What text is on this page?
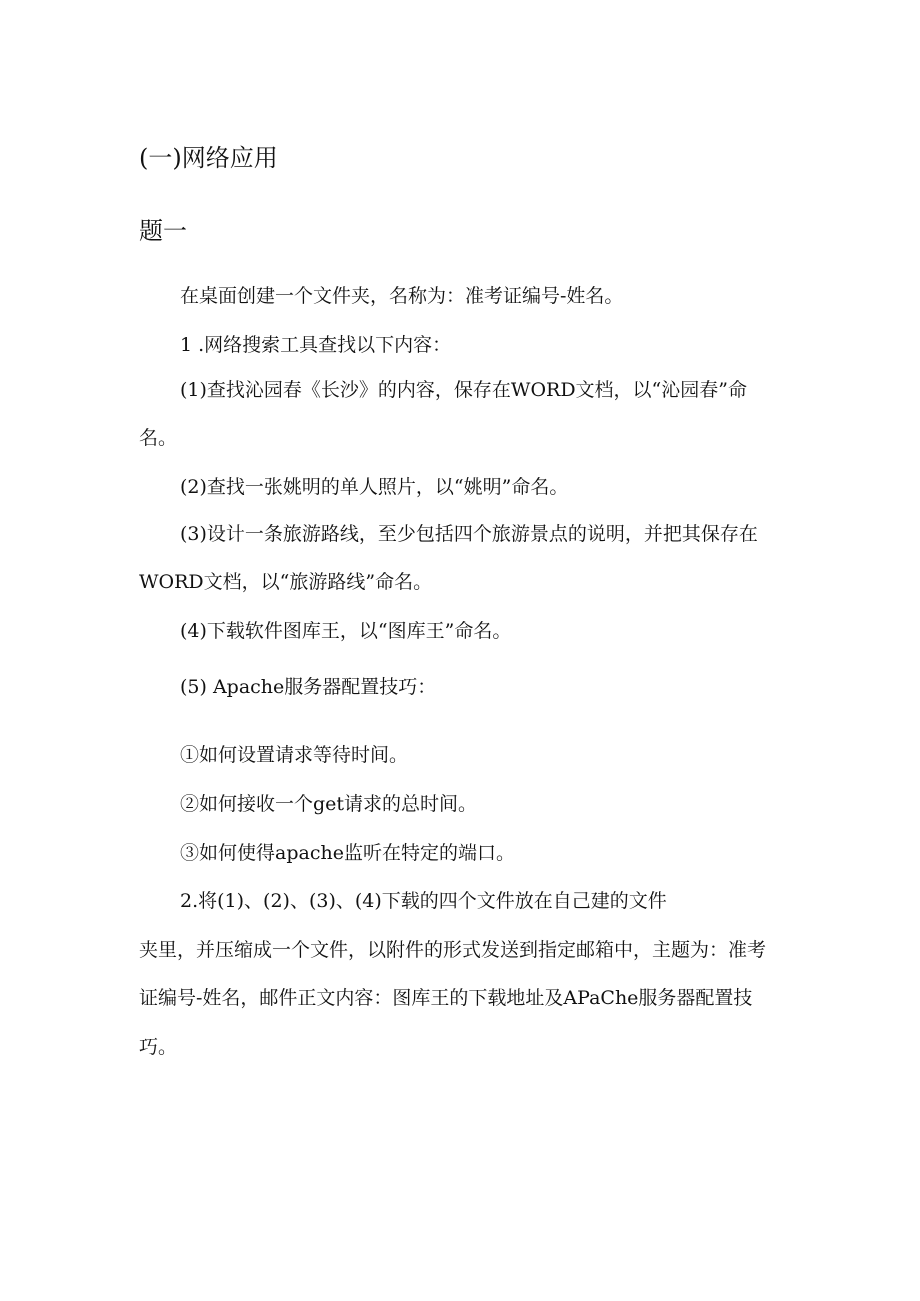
(一)网络应用

题一

在桌面创建一个文件夹，名称为：准考证编号-姓名。

1 .网络搜索工具查找以下内容：

(1)查找沁园春《长沙》的内容，保存在WORD文档，以“沁园春”命

名。

(2)查找一张姚明的单人照片，以“姚明”命名。

(3)设计一条旅游路线，至少包括四个旅游景点的说明，并把其保存在

WORD文档，以“旅游路线”命名。

(4)下载软件图库王，以“图库王”命名。

(5) Apache服务器配置技巧：

①如何设置请求等待时间。

②如何接收一个get请求的总时间。

③如何使得apache监听在特定的端口。

2.将(1)、(2)、(3)、(4)下载的四个文件放在自己建的文件

夹里，并压缩成一个文件，以附件的形式发送到指定邮箱中，主题为：准考

证编号-姓名，邮件正文内容：图库王的下载地址及APaChe服务器配置技

巧。
